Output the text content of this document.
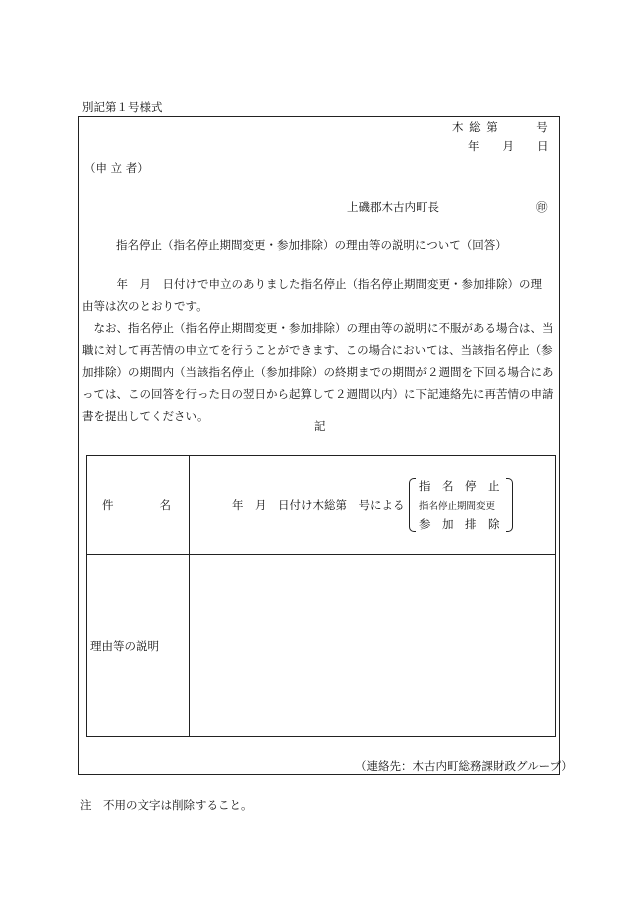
別記第１号様式
木 総 第　　　号
年　　月　　日
（申 立 者）
上磯郡木古内町長	㊞
指名停止（指名停止期間変更・参加排除）の理由等の説明について（回答）
　　　年　月　日付けで申立のありました指名停止（指名停止期間変更・参加排除）の理
由等は次のとおりです。
　なお、指名停止（指名停止期間変更・参加排除）の理由等の説明に不服がある場合は、当
職に対して再苦情の申立てを行うことができます、この場合においては、当該指名停止（参
加排除）の期間内（当該指名停止（参加排除）の終期までの期間が２週間を下回る場合にあ
っては、この回答を行った日の翌日から起算して２週間以内）に下記連絡先に再苦情の申請
書を提出してください。
記
件　　　　名	年　月　日付け木総第　号による
指　名　停　止
指名停止期間変更
参　加　排　除
理由等の説明
（連絡先：木古内町総務課財政グループ）
注　不用の文字は削除すること。
